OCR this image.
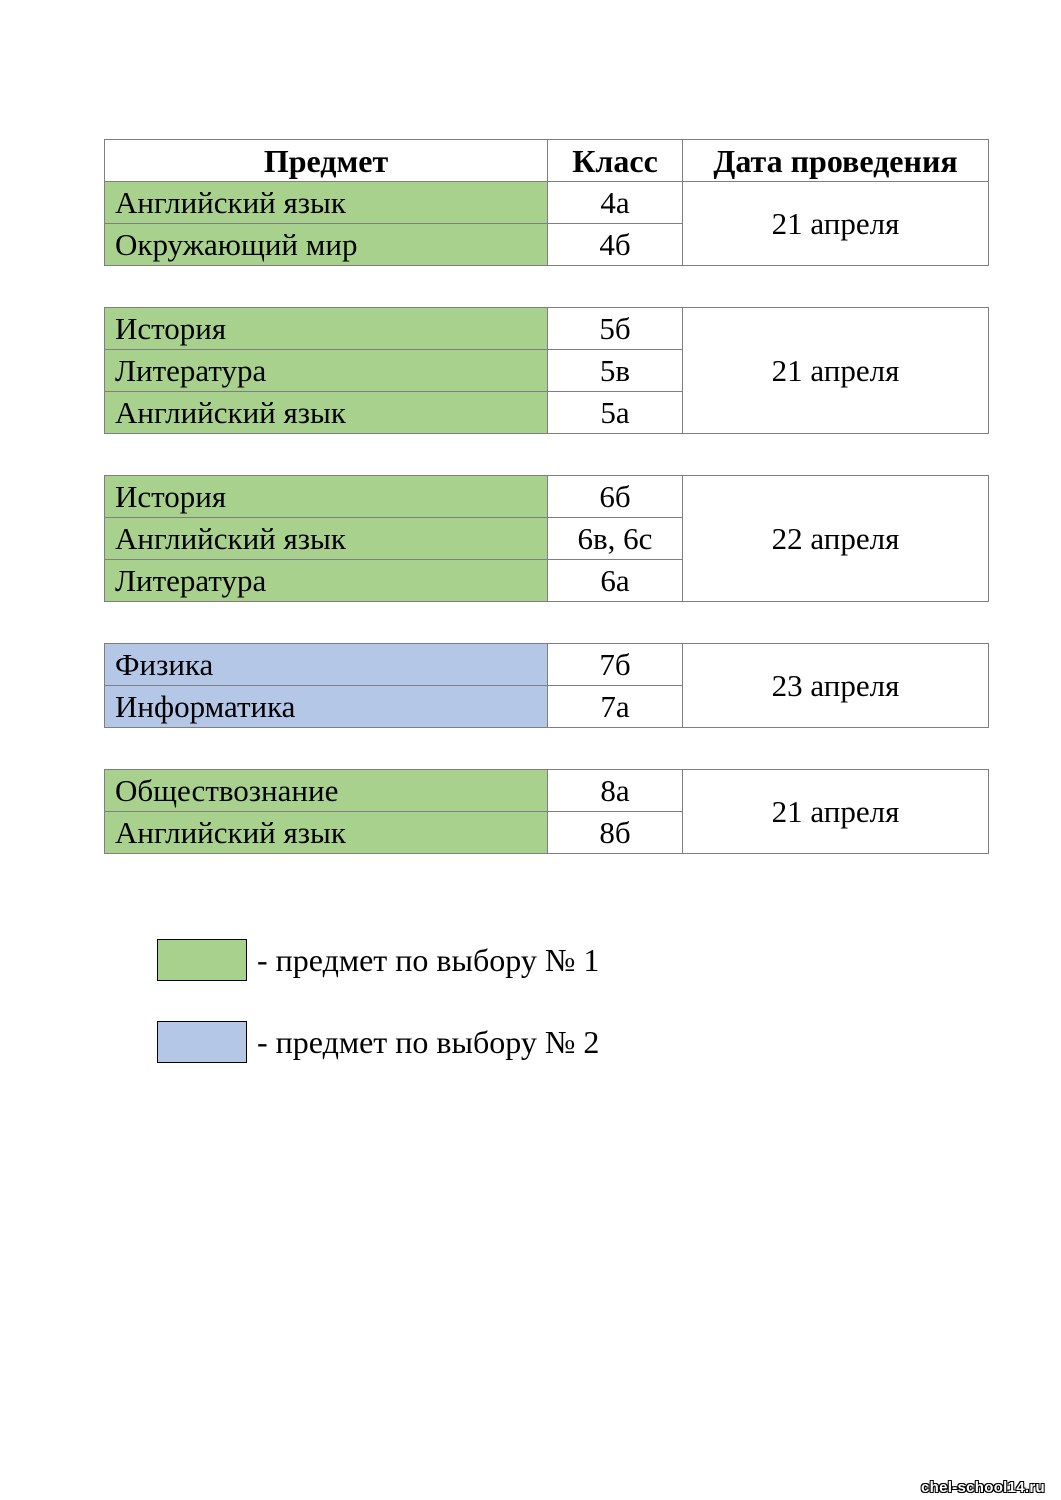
Предмет	Класс	Дата проведения
Английский язык	4а	21 апреля
Окружающий мир	4б	
История	5б	21 апреля
Литература	5в	
Английский язык	5а	
История	6б	22 апреля
Английский язык	6в, 6с	
Литература	6а	
Физика	7б	23 апреля
Информатика	7а	
Обществознание	8а	21 апреля
Английский язык	8б	
- предмет по выбору № 1
- предмет по выбору № 2
chel-school14.ru
